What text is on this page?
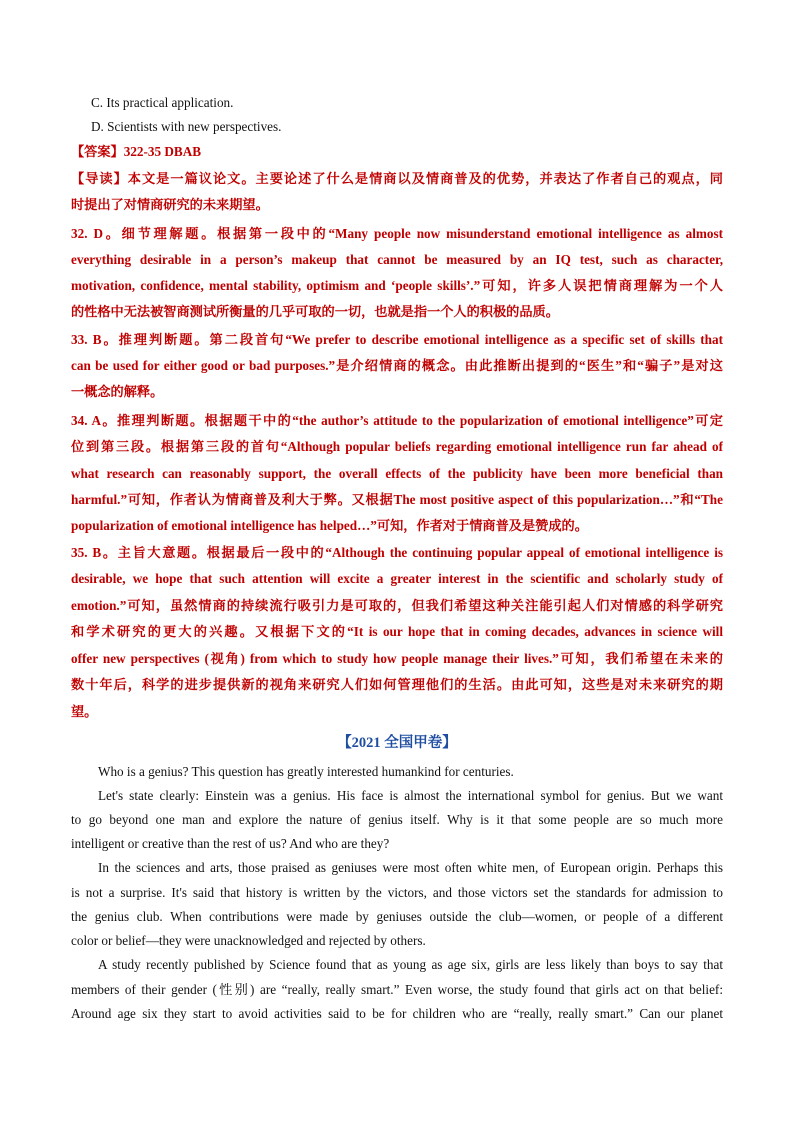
C. Its practical application.
D. Scientists with new perspectives.
【答案】322-35 DBAB
【导读】本文是一篇议论文。主要论述了什么是情商以及情商普及的优势，并表达了作者自己的观点，同
时提出了对情商研究的未来期望。
32. D。细节理解题。根据第一段中的“Many people now misunderstand emotional intelligence as almost
everything desirable in a person’s makeup that cannot be measured by an IQ test, such as character,
motivation, confidence, mental stability, optimism and ‘people skills’.”可知，许多人误把情商理解为一个人
的性格中无法被智商测试所衡量的几乎可取的一切，也就是指一个人的积极的品质。
33. B。推理判断题。第二段首句“We prefer to describe emotional intelligence as a specific set of skills that
can be used for either good or bad purposes.”是介绍情商的概念。由此推断出提到的“医生”和“骗子”是对这
一概念的解释。
34. A。推理判断题。根据题干中的“the author’s attitude to the popularization of emotional intelligence”可定
位到第三段。根据第三段的首句“Although popular beliefs regarding emotional intelligence run far ahead of
what research can reasonably support, the overall effects of the publicity have been more beneficial than
harmful.”可知，作者认为情商普及利大于弊。又根据The most positive aspect of this popularization…”和“The
popularization of emotional intelligence has helped…”可知，作者对于情商普及是赞成的。
35. B。主旨大意题。根据最后一段中的“Although the continuing popular appeal of emotional intelligence is
desirable, we hope that such attention will excite a greater interest in the scientific and scholarly study of
emotion.”可知，虽然情商的持续流行吸引力是可取的，但我们希望这种关注能引起人们对情感的科学研究
和学术研究的更大的兴趣。又根据下文的“It is our hope that in coming decades, advances in science will
offer new perspectives (视角) from which to study how people manage their lives.”可知，我们希望在未来的
数十年后，科学的进步提供新的视角来研究人们如何管理他们的生活。由此可知，这些是对未来研究的期
望。
【2021 全国甲卷】
Who is a genius? This question has greatly interested humankind for centuries.
Let's state clearly: Einstein was a genius. His face is almost the international symbol for genius. But we want
to go beyond one man and explore the nature of genius itself. Why is it that some people are so much more
intelligent or creative than the rest of us? And who are they?
In the sciences and arts, those praised as geniuses were most often white men, of European origin. Perhaps this
is not a surprise. It's said that history is written by the victors, and those victors set the standards for admission to
the genius club. When contributions were made by geniuses outside the club—women, or people of a different
color or belief—they were unacknowledged and rejected by others.
A study recently published by Science found that as young as age six, girls are less likely than boys to say that
members of their gender (性别) are “really, really smart.” Even worse, the study found that girls act on that belief:
Around age six they start to avoid activities said to be for children who are “really, really smart.” Can our planet
